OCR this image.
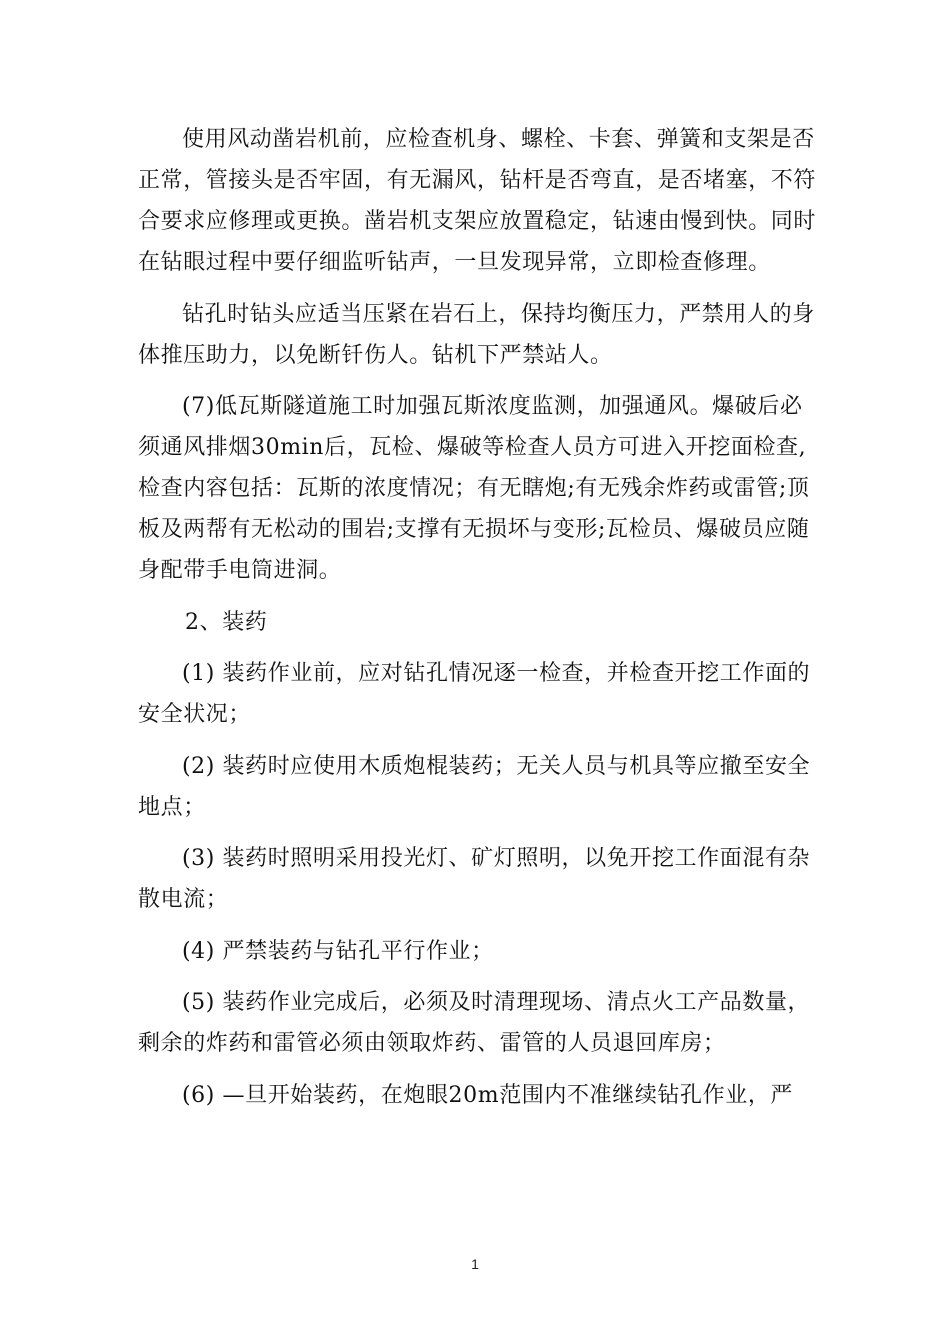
使用风动凿岩机前，应检查机身、螺栓、卡套、弹簧和支架是否正常，管接头是否牢固，有无漏风，钻杆是否弯直，是否堵塞，不符合要求应修理或更换。凿岩机支架应放置稳定，钻速由慢到快。同时在钻眼过程中要仔细监听钻声，一旦发现异常，立即检查修理。

钻孔时钻头应适当压紧在岩石上，保持均衡压力，严禁用人的身体推压助力，以免断钎伤人。钻机下严禁站人。

(7)低瓦斯隧道施工时加强瓦斯浓度监测，加强通风。爆破后必须通风排烟30min后，瓦检、爆破等检查人员方可进入开挖面检查,检查内容包括：瓦斯的浓度情况；有无瞎炮;有无残余炸药或雷管;顶板及两帮有无松动的围岩;支撑有无损坏与变形;瓦检员、爆破员应随身配带手电筒进洞。

2、装药

(1) 装药作业前，应对钻孔情况逐一检查，并检查开挖工作面的安全状况；

(2) 装药时应使用木质炮棍装药；无关人员与机具等应撤至安全地点；

(3) 装药时照明采用投光灯、矿灯照明，以免开挖工作面混有杂散电流；

(4) 严禁装药与钻孔平行作业；

(5) 装药作业完成后，必须及时清理现场、清点火工产品数量，剩余的炸药和雷管必须由领取炸药、雷管的人员退回库房；

(6) —旦开始装药，在炮眼20m范围内不准继续钻孔作业，严

1
